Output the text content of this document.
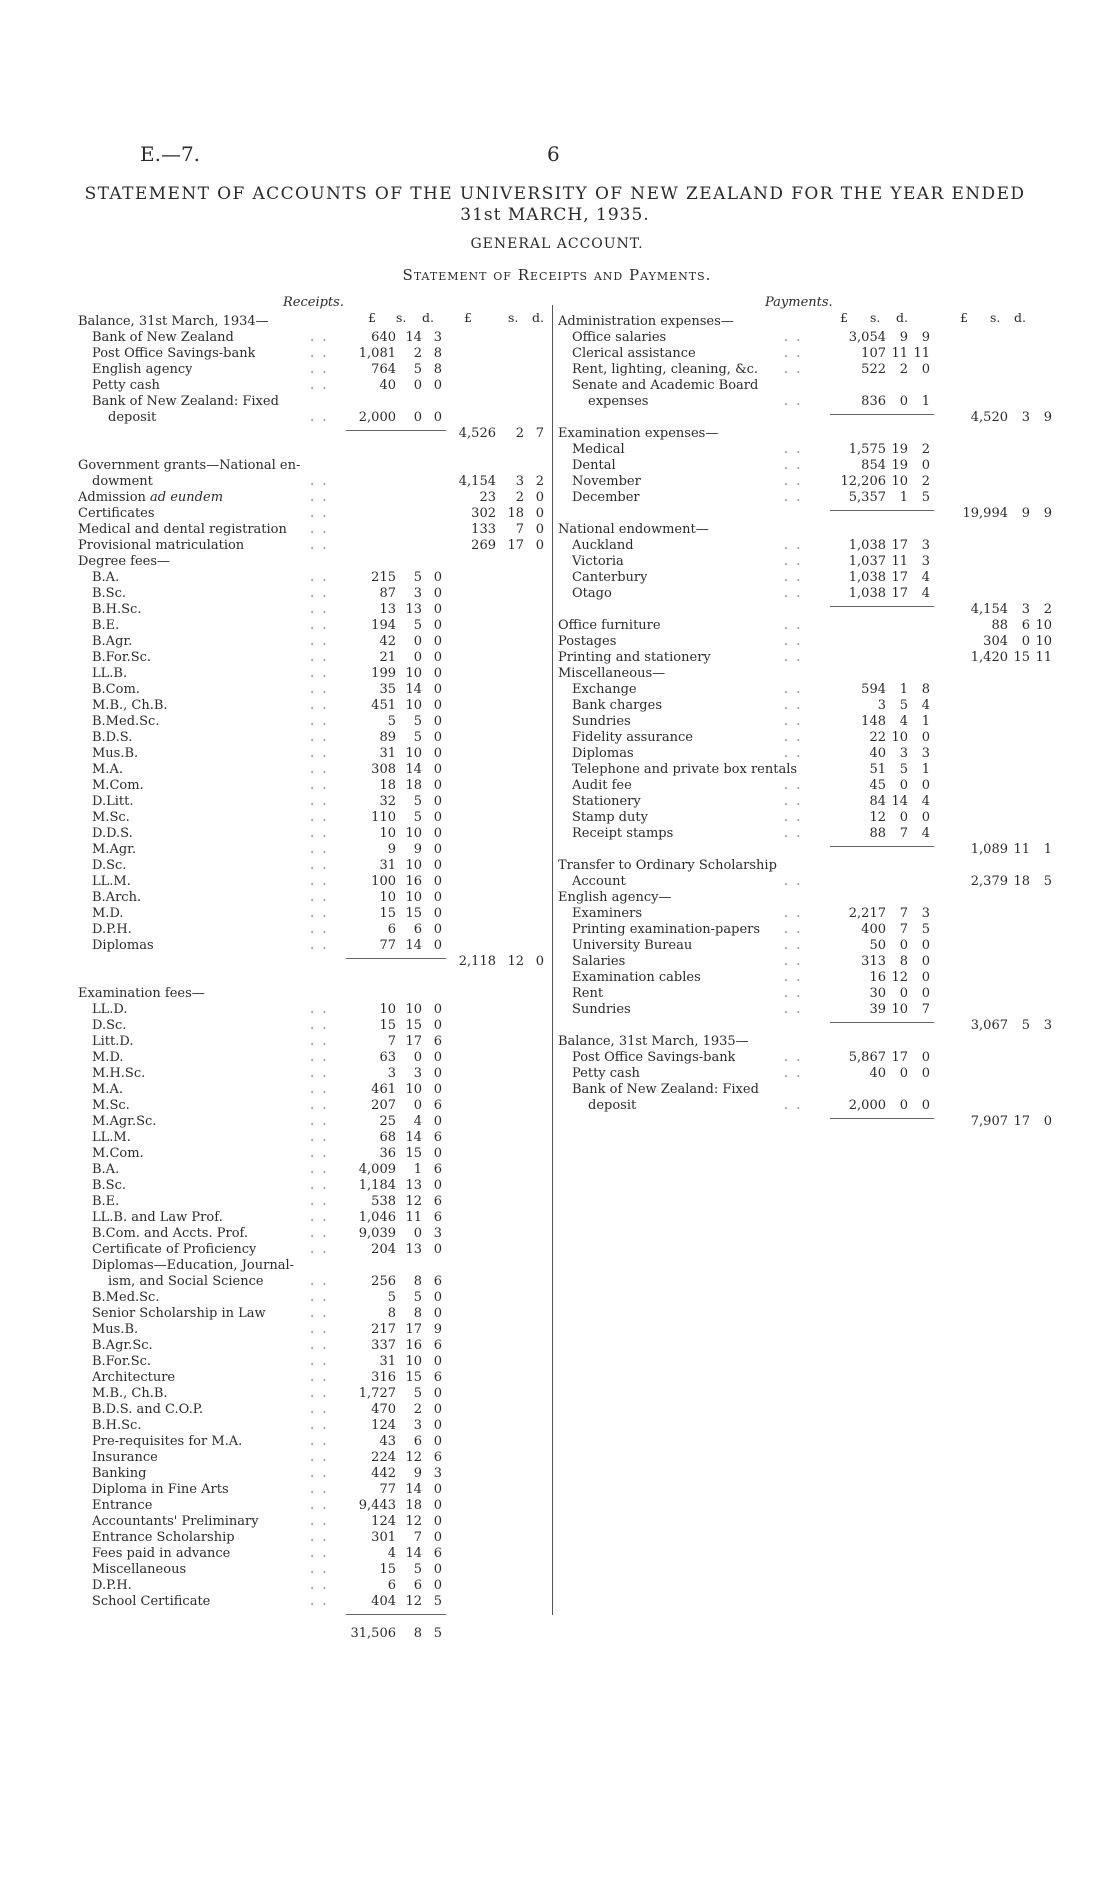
E.—7.	6
STATEMENT OF ACCOUNTS OF THE UNIVERSITY OF NEW ZEALAND FOR THE YEAR ENDED
31st MARCH, 1935.
GENERAL ACCOUNT.
Statement of Receipts and Payments.
Receipts.	Payments.
£ s. d. £	s. d.	£ s. d.	£ s. d.
Balance, 31st March, 1934—
Bank of New Zealand	. .	640 14 3
Post Office Savings-bank	. .	1,081	2 8
English agency	. .	764	5 8
Petty cash	. .	40	0 0
Bank of New Zealand: Fixed
deposit	. .	2,000	0 0
4,526	2 7
Government grants—National en-
dowment	. .	4,154	3 2
Admission ad eundem	. .	23	2 0
Certificates	. .	302 18 0
Medical and dental registration . .	133	7 0
Provisional matriculation	. .	269 17 0
Degree fees—
B.A.	. .	215	5 0
B.Sc.	. .	87	3 0
B.H.Sc.	. .	13 13 0
B.E.	. .	194	5 0
B.Agr.	. .	42	0 0
B.For.Sc.	. .	21	0 0
LL.B.	. .	199 10 0
B.Com.	. .	35 14 0
M.B., Ch.B.	. .	451 10 0
B.Med.Sc.	. .	5	5 0
B.D.S.	. .	89	5 0
Mus.B.	. .	31 10 0
M.A.	. .	308 14 0
M.Com.	. .	18 18 0
D.Litt.	. .	32	5 0
M.Sc.	. .	110	5 0
D.D.S.	. .	10 10 0
M.Agr.	. .	9	9 0
D.Sc.	. .	31 10 0
LL.M.	. .	100 16 0
B.Arch.	. .	10 10 0
M.D.	. .	15 15 0
D.P.H.	. .	6	6 0
Diplomas	. .	77 14 0
2,118 12 0
Examination fees—
LL.D.	. .	10 10 0
D.Sc.	. .	15 15 0
Litt.D.	. .	7 17 6
M.D.	. .	63	0 0
M.H.Sc.	. .	3	3 0
M.A.	. .	461 10 0
M.Sc.	. .	207	0 6
M.Agr.Sc.	. .	25	4 0
LL.M.	. .	68 14 6
M.Com.	. .	36 15 0
B.A.	. .	4,009	1 6
B.Sc.	. .	1,184 13 0
B.E.	. .	538 12 6
LL.B. and Law Prof.	. .	1,046 11 6
B.Com. and Accts. Prof.	. .	9,039	0 3
Certificate of Proficiency	. .	204 13 0
Diplomas—Education, Journal-
ism, and Social Science	. .	256	8 6
B.Med.Sc.	. .	5	5 0
Senior Scholarship in Law	. .	8	8 0
Mus.B.	. .	217 17 9
B.Agr.Sc.	. .	337 16 6
B.For.Sc.	. .	31 10 0
Architecture	. .	316 15 6
M.B., Ch.B.	. .	1,727	5 0
B.D.S. and C.O.P.	. .	470	2 0
B.H.Sc.	. .	124	3 0
Pre-requisites for M.A.	. .	43	6 0
Insurance	. .	224 12 6
Banking	. .	442	9 3
Diploma in Fine Arts	. .	77 14 0
Entrance	. .	9,443 18 0
Accountants' Preliminary	. .	124 12 0
Entrance Scholarship	. .	301	7 0
Fees paid in advance	. .	4 14 6
Miscellaneous	. .	15	5 0
D.P.H.	. .	6	6 0
School Certificate	. .	404 12 5
31,506	8 5
Administration expenses—
Office salaries	. .	3,054	9	9
Clerical assistance	. .	107 11 11
Rent, lighting, cleaning, &c. . .	522	2	0
Senate and Academic Board
expenses	. .	836	0	1
4,520	3	9
Examination expenses—
Medical	. .	1,575 19	2
Dental	. .	854 19	0
November	. .	12,206 10	2
December	. .	5,357	1	5
19,994	9	9
National endowment—
Auckland	. .	1,038 17	3
Victoria	. .	1,037 11	3
Canterbury	. .	1,038 17	4
Otago	. .	1,038 17	4
4,154	3	2
Office furniture	. .	88	6 10
Postages	. .	304	0 10
Printing and stationery	. .	1,420 15 11
Miscellaneous—
Exchange	. .	594	1	8
Bank charges	. .	3	5	4
Sundries	. .	148	4	1
Fidelity assurance	. .	22 10	0
Diplomas	. .	40	3	3
Telephone and private box rentals	51	5	1
Audit fee	. .	45	0	0
Stationery	. .	84 14	4
Stamp duty	. .	12	0	0
Receipt stamps	. .	88	7	4
1,089 11	1
Transfer to Ordinary Scholarship
Account	. .	2,379 18	5
English agency—
Examiners	. .	2,217	7	3
Printing examination-papers . .	400	7	5
University Bureau	. .	50	0	0
Salaries	. .	313	8	0
Examination cables	. .	16 12	0
Rent	. .	30	0	0
Sundries	. .	39 10	7
3,067	5	3
Balance, 31st March, 1935—
Post Office Savings-bank	. .	5,867 17	0
Petty cash	. .	40	0	0
Bank of New Zealand: Fixed
deposit	. .	2,000	0	0
7,907 17	0
